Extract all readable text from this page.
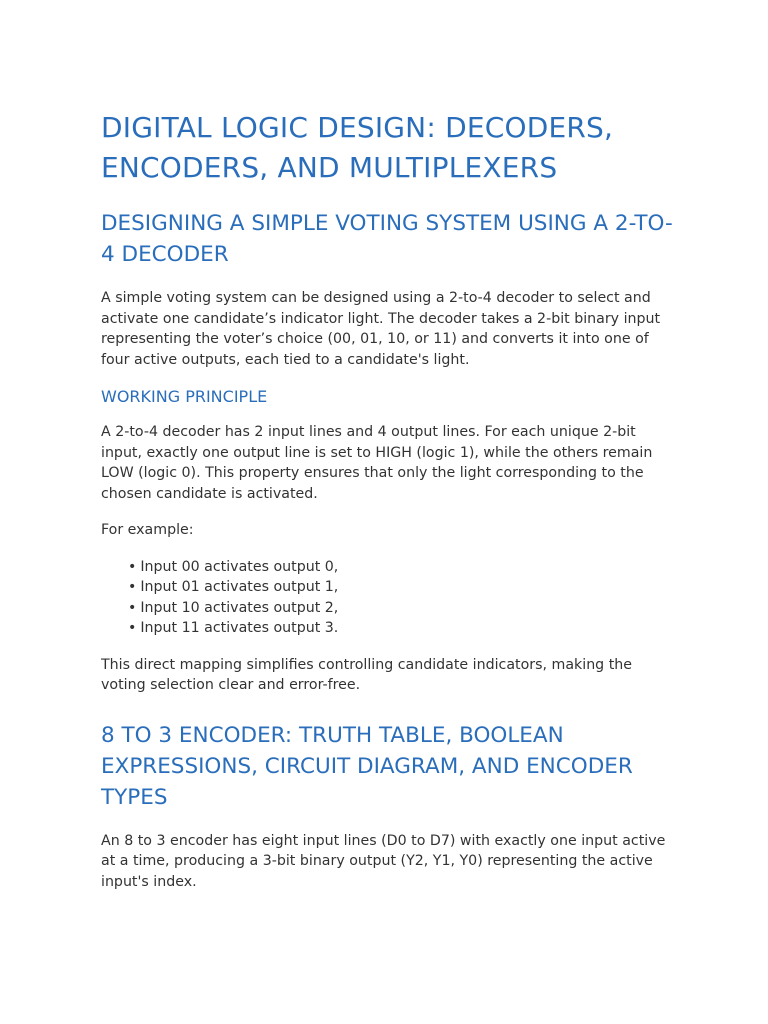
DIGITAL LOGIC DESIGN: DECODERS, ENCODERS, AND MULTIPLEXERS
DESIGNING A SIMPLE VOTING SYSTEM USING A 2-TO-4 DECODER

A simple voting system can be designed using a 2-to-4 decoder to select and activate one candidate’s indicator light. The decoder takes a 2-bit binary input representing the voter’s choice (00, 01, 10, or 11) and converts it into one of four active outputs, each tied to a candidate's light.

WORKING PRINCIPLE

A 2-to-4 decoder has 2 input lines and 4 output lines. For each unique 2-bit input, exactly one output line is set to HIGH (logic 1), while the others remain LOW (logic 0). This property ensures that only the light corresponding to the chosen candidate is activated.

For example:

• Input 00 activates output 0,
• Input 01 activates output 1,
• Input 10 activates output 2,
• Input 11 activates output 3.

This direct mapping simplifies controlling candidate indicators, making the voting selection clear and error-free.

8 TO 3 ENCODER: TRUTH TABLE, BOOLEAN EXPRESSIONS, CIRCUIT DIAGRAM, AND ENCODER TYPES

An 8 to 3 encoder has eight input lines (D0 to D7) with exactly one input active at a time, producing a 3-bit binary output (Y2, Y1, Y0) representing the active input's index.
